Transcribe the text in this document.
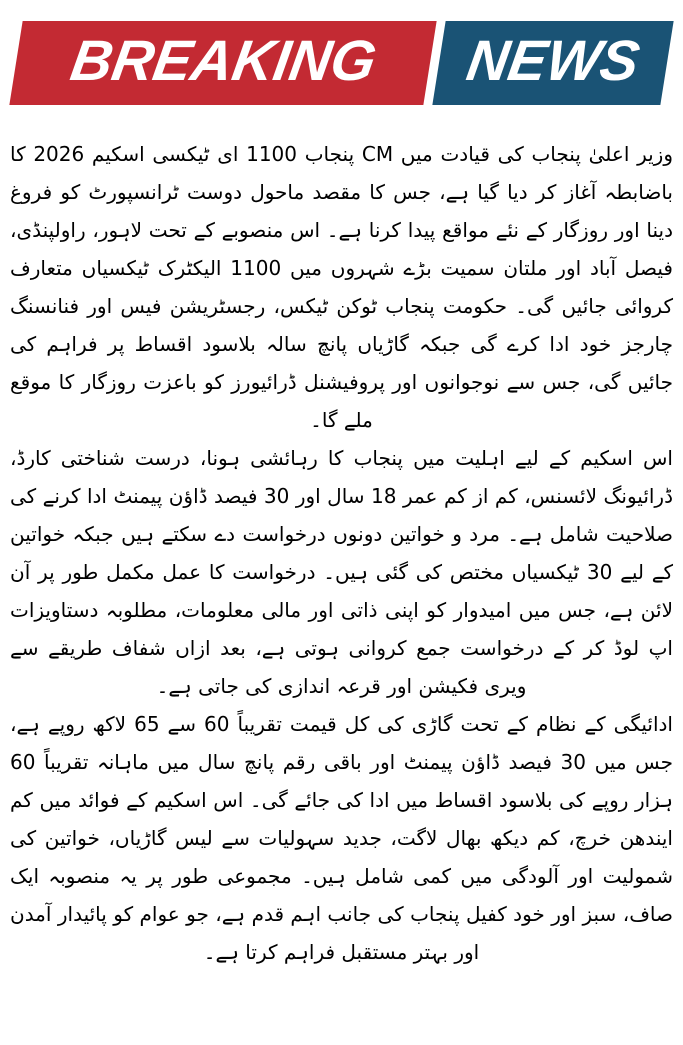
BREAKING NEWS

وزیر اعلیٰ پنجاب کی قیادت میں CM پنجاب 1100 ای ٹیکسی اسکیم 2026 کا باضابطہ آغاز کر دیا گیا ہے، جس کا مقصد ماحول دوست ٹرانسپورٹ کو فروغ دینا اور روزگار کے نئے مواقع پیدا کرنا ہے۔ اس منصوبے کے تحت لاہور، راولپنڈی، فیصل آباد اور ملتان سمیت بڑے شہروں میں 1100 الیکٹرک ٹیکسیاں متعارف کروائی جائیں گی۔ حکومت پنجاب ٹوکن ٹیکس، رجسٹریشن فیس اور فنانسنگ چارجز خود ادا کرے گی جبکہ گاڑیاں پانچ سالہ بلاسود اقساط پر فراہم کی جائیں گی، جس سے نوجوانوں اور پروفیشنل ڈرائیورز کو باعزت روزگار کا موقع ملے گا۔

اس اسکیم کے لیے اہلیت میں پنجاب کا رہائشی ہونا، درست شناختی کارڈ، ڈرائیونگ لائسنس، کم از کم عمر 18 سال اور 30 فیصد ڈاؤن پیمنٹ ادا کرنے کی صلاحیت شامل ہے۔ مرد و خواتین دونوں درخواست دے سکتے ہیں جبکہ خواتین کے لیے 30 ٹیکسیاں مختص کی گئی ہیں۔ درخواست کا عمل مکمل طور پر آن لائن ہے، جس میں امیدوار کو اپنی ذاتی اور مالی معلومات، مطلوبہ دستاویزات اپ لوڈ کر کے درخواست جمع کروانی ہوتی ہے، بعد ازاں شفاف طریقے سے ویری فکیشن اور قرعہ اندازی کی جاتی ہے۔

ادائیگی کے نظام کے تحت گاڑی کی کل قیمت تقریباً 60 سے 65 لاکھ روپے ہے، جس میں 30 فیصد ڈاؤن پیمنٹ اور باقی رقم پانچ سال میں ماہانہ تقریباً 60 ہزار روپے کی بلاسود اقساط میں ادا کی جائے گی۔ اس اسکیم کے فوائد میں کم ایندھن خرچ، کم دیکھ بھال لاگت، جدید سہولیات سے لیس گاڑیاں، خواتین کی شمولیت اور آلودگی میں کمی شامل ہیں۔ مجموعی طور پر یہ منصوبہ ایک صاف، سبز اور خود کفیل پنجاب کی جانب اہم قدم ہے، جو عوام کو پائیدار آمدن اور بہتر مستقبل فراہم کرتا ہے۔
